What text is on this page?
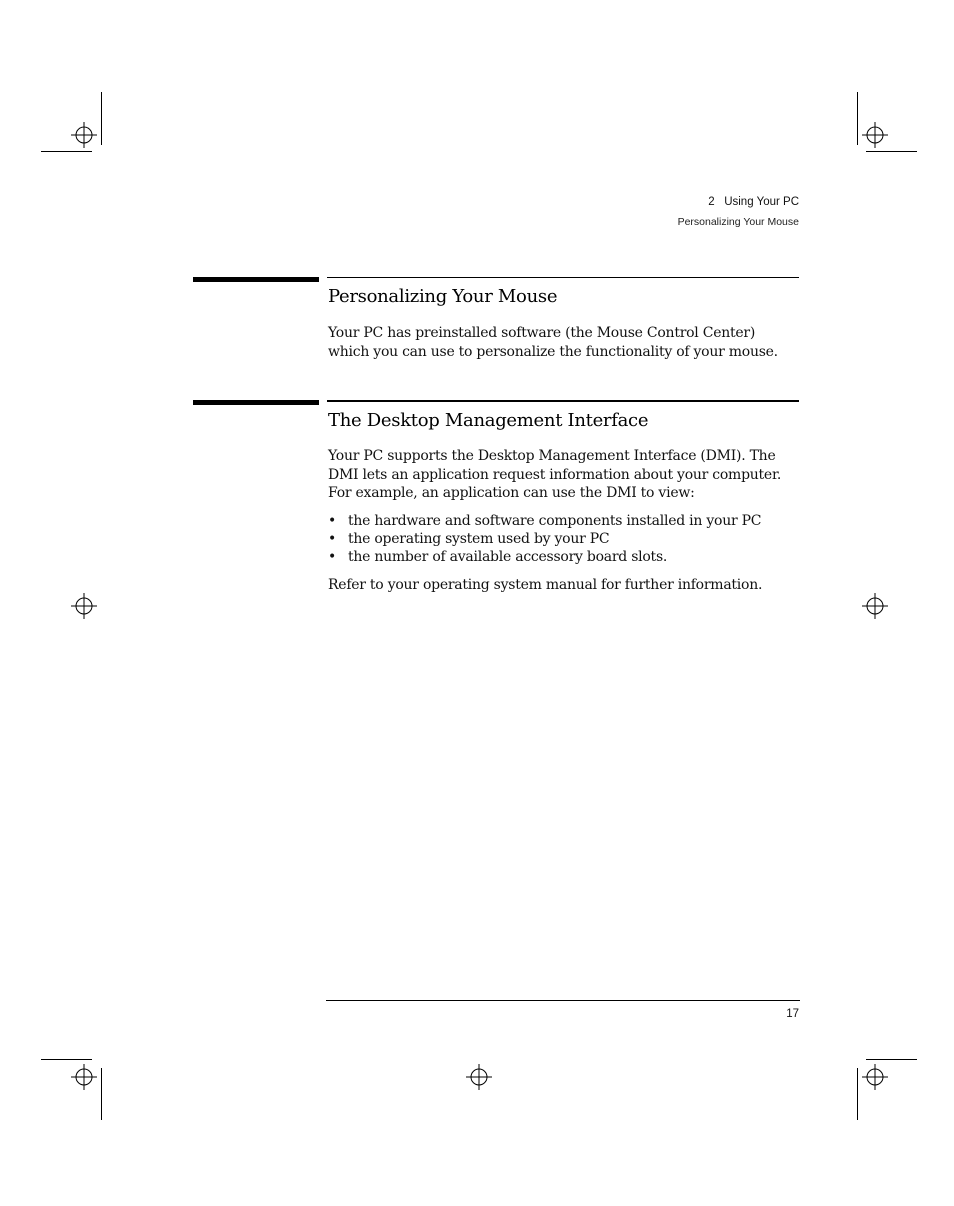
2   Using Your PC
Personalizing Your Mouse
Personalizing Your Mouse

Your PC has preinstalled software (the Mouse Control Center) which you can use to personalize the functionality of your mouse.

The Desktop Management Interface

Your PC supports the Desktop Management Interface (DMI). The DMI lets an application request information about your computer. For example, an application can use the DMI to view:

• the hardware and software components installed in your PC
• the operating system used by your PC
• the number of available accessory board slots.

Refer to your operating system manual for further information.

17
